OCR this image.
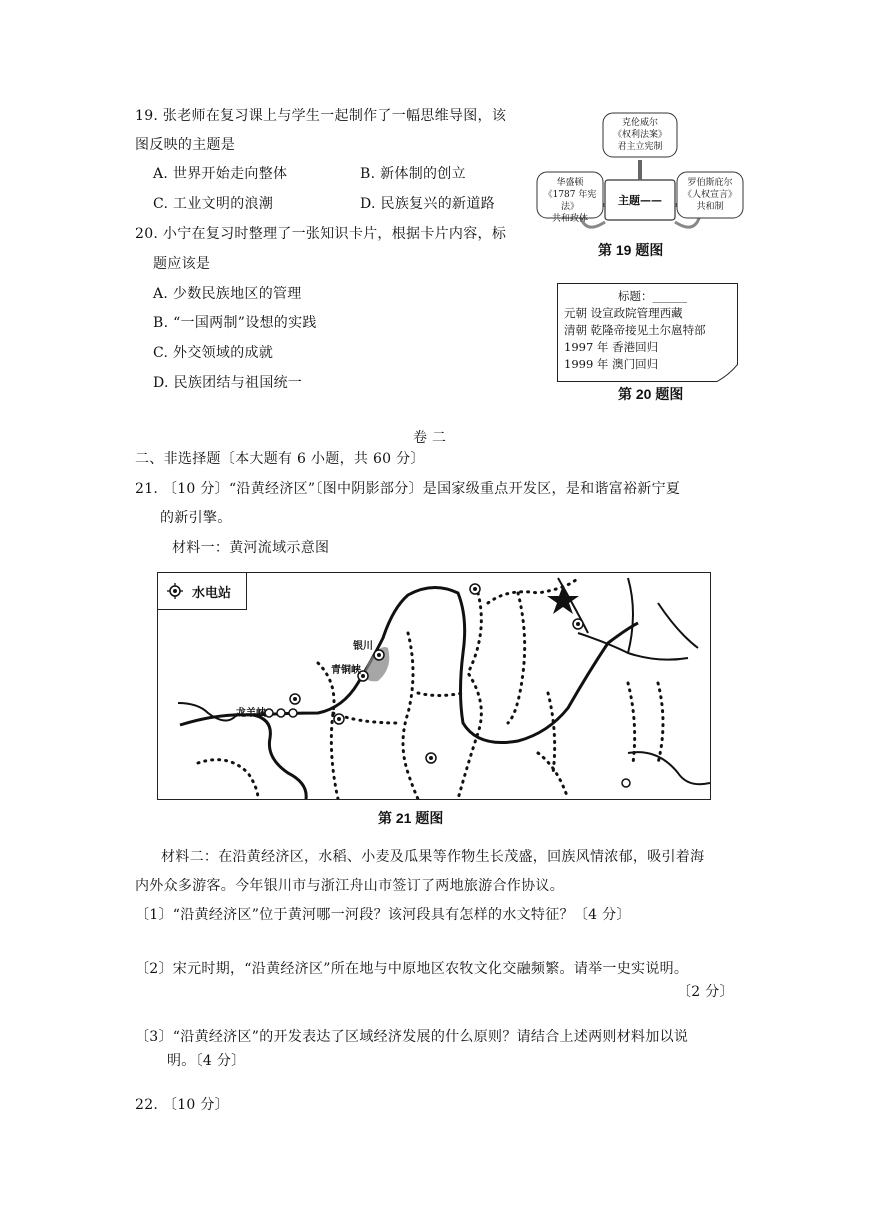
19. 张老师在复习课上与学生一起制作了一幅思维导图，该
图反映的主题是
A. 世界开始走向整体	B. 新体制的创立
C. 工业文明的浪潮	D. 民族复兴的新道路
克伦威尔
《权利法案》
君主立宪制
华盛顿
《1787 年宪法》
共和政体
罗伯斯庇尔
《人权宣言》
共和制
主题——
第 19 题图
20. 小宁在复习时整理了一张知识卡片，根据卡片内容，标
题应该是
A. 少数民族地区的管理
B. “一国两制”设想的实践
C. 外交领域的成就
D. 民族团结与祖国统一
标题：______
元朝 设宣政院管理西藏
清朝 乾隆帝接见土尔扈特部
1997 年 香港回归
1999 年 澳门回归
第 20 题图
卷 二
二、非选择题〔本大题有 6 小题，共 60 分〕
21. 〔10 分〕“沿黄经济区”〔图中阴影部分〕是国家级重点开发区，是和谐富裕新宁夏
的新引擎。
材料一：黄河流域示意图
水电站
银川
青铜峡
龙羊峡
第 21 题图
材料二：在沿黄经济区，水稻、小麦及瓜果等作物生长茂盛，回族风情浓郁，吸引着海
内外众多游客。今年银川市与浙江舟山市签订了两地旅游合作协议。
〔1〕“沿黄经济区”位于黄河哪一河段？该河段具有怎样的水文特征？〔4 分〕
〔2〕宋元时期，“沿黄经济区”所在地与中原地区农牧文化交融频繁。请举一史实说明。
〔2 分〕
〔3〕“沿黄经济区”的开发表达了区域经济发展的什么原则？请结合上述两则材料加以说
明。〔4 分〕
22. 〔10 分〕
